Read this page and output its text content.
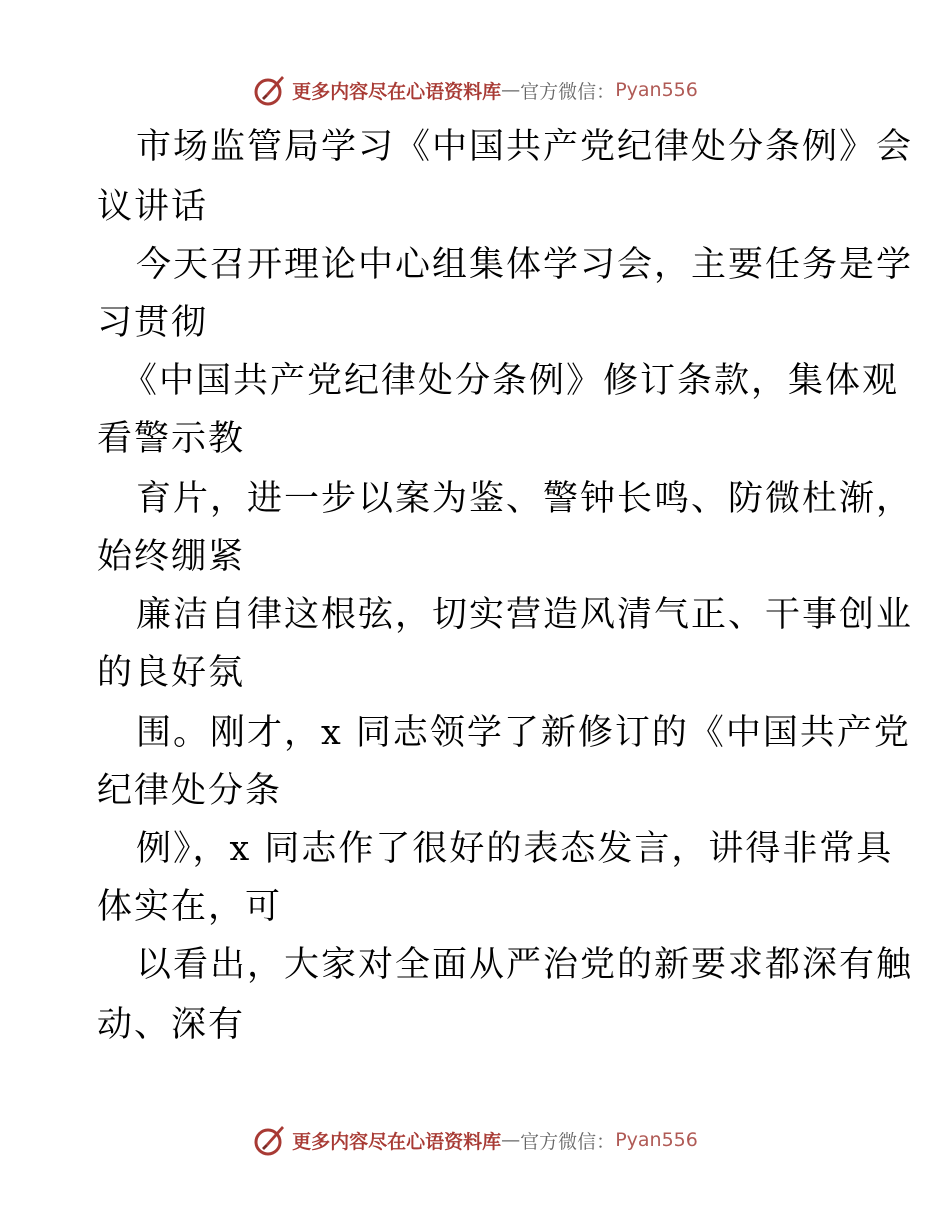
更多内容尽在心语资料库 — 官方微信： Pyan556
市场监管局学习《中国共产党纪律处分条例》会
议讲话
今天召开理论中心组集体学习会，主要任务是学
习贯彻
《中国共产党纪律处分条例》修订条款，集体观
看警示教
育片，进一步以案为鉴、警钟长鸣、防微杜渐，
始终绷紧
廉洁自律这根弦，切实营造风清气正、干事创业
的良好氛
围。刚才，x 同志领学了新修订的《中国共产党
纪律处分条
例》，x 同志作了很好的表态发言，讲得非常具
体实在，可
以看出，大家对全面从严治党的新要求都深有触
动、深有
更多内容尽在心语资料库 — 官方微信： Pyan556
